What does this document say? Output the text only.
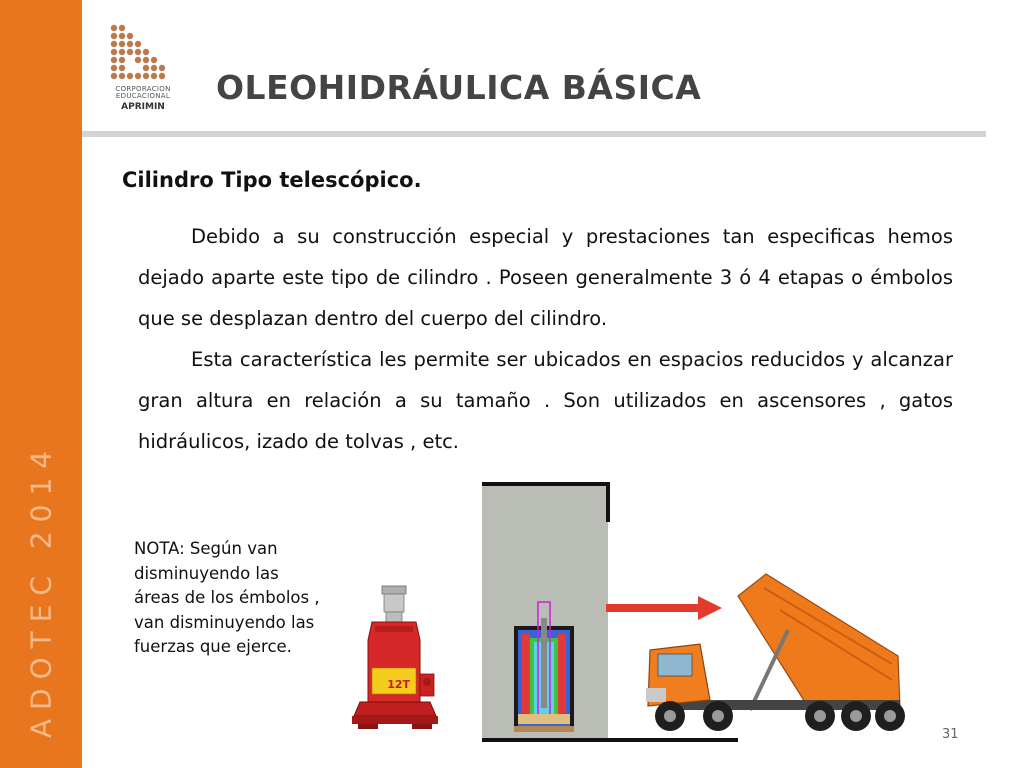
ADOTEC 2014
CORPORACION
EDUCACIONAL
APRIMIN	OLEOHIDRÁULICA BÁSICA
Cilindro Tipo telescópico.

Debido a su construcción especial y prestaciones tan especificas hemos dejado aparte este tipo de cilindro . Poseen generalmente 3 ó 4 etapas o émbolos que se desplazan dentro del cuerpo del cilindro.

Esta característica les permite ser ubicados en espacios reducidos y alcanzar gran altura en relación a su tamaño . Son utilizados en ascensores , gatos hidráulicos, izado de tolvas , etc.

NOTA: Según van disminuyendo las áreas de los émbolos , van disminuyendo las fuerzas que ejerce.
12T
31
